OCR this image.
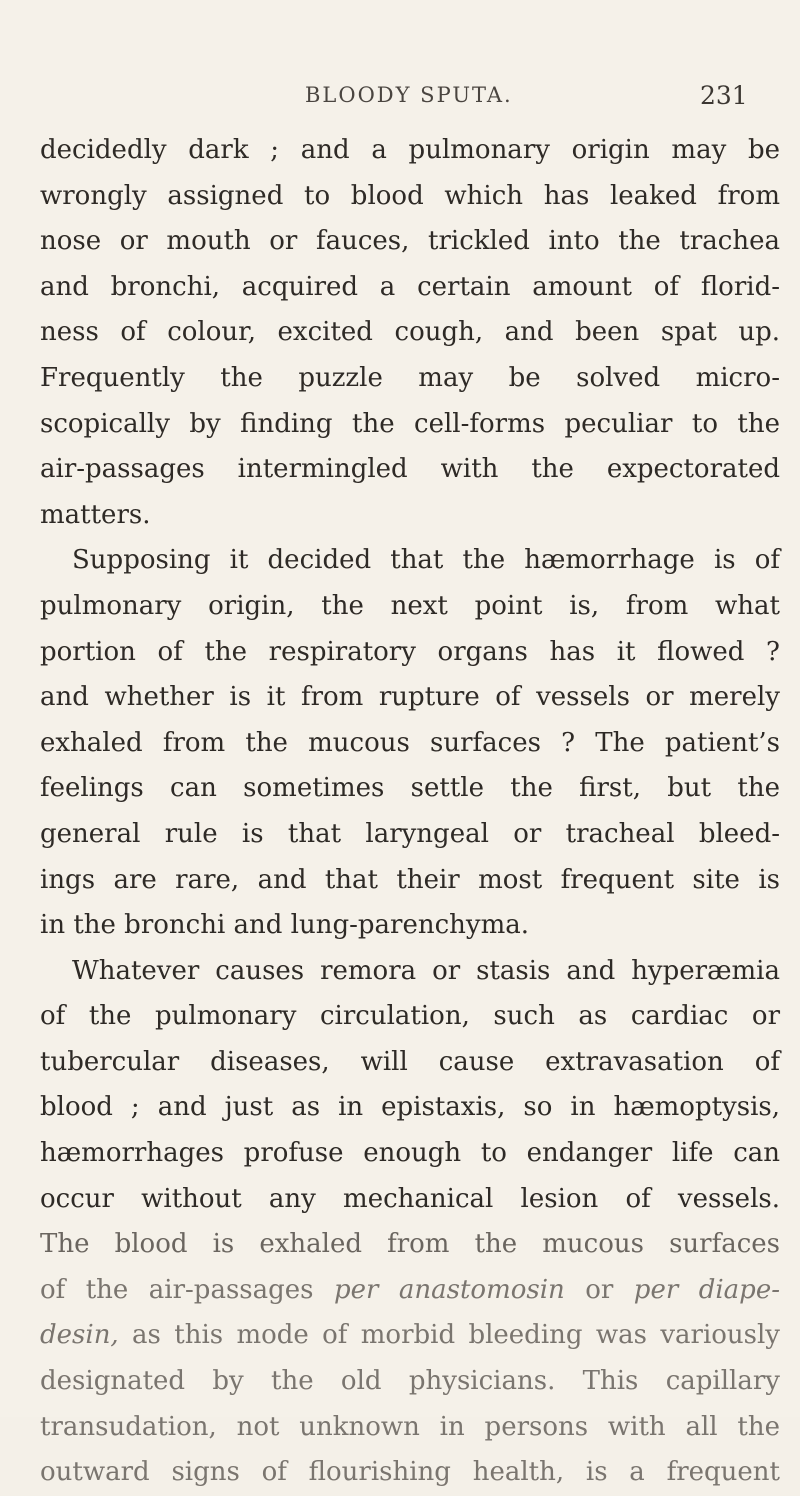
BLOODY SPUTA.	231
decidedly dark ; and a pulmonary origin may be
wrongly assigned to blood which has leaked from
nose or mouth or fauces, trickled into the trachea
and bronchi, acquired a certain amount of florid-
ness of colour, excited cough, and been spat up.
Frequently the puzzle may be solved micro-
scopically by finding the cell-forms peculiar to the
air-passages intermingled with the expectorated
matters.
Supposing it decided that the hæmorrhage is of
pulmonary origin, the next point is, from what
portion of the respiratory organs has it flowed ?
and whether is it from rupture of vessels or merely
exhaled from the mucous surfaces ? The patient’s
feelings can sometimes settle the first, but the
general rule is that laryngeal or tracheal bleed-
ings are rare, and that their most frequent site is
in the bronchi and lung-parenchyma.
Whatever causes remora or stasis and hyperæmia
of the pulmonary circulation, such as cardiac or
tubercular diseases, will cause extravasation of
blood ; and just as in epistaxis, so in hæmoptysis,
hæmorrhages profuse enough to endanger life can
occur without any mechanical lesion of vessels.
The blood is exhaled from the mucous surfaces
of the air-passages per anastomosin or per diape-
desin, as this mode of morbid bleeding was variously
designated by the old physicians. This capillary
transudation, not unknown in persons with all the
outward signs of flourishing health, is a frequent
